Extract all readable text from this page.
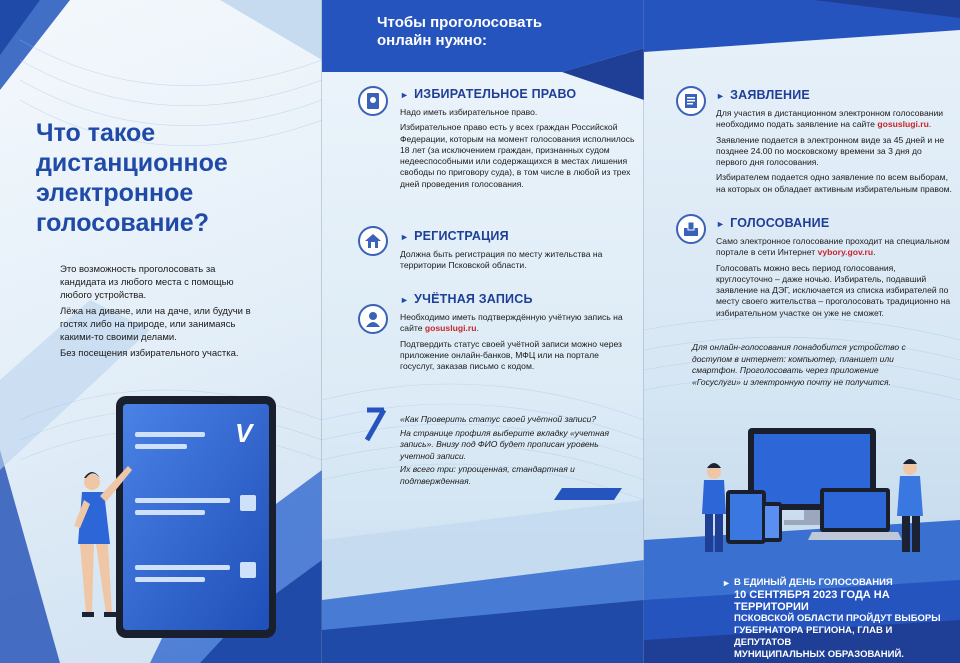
Что такое
дистанционное
электронное
голосование?

Это возможность проголосовать за кандидата из любого места с помощью любого устройства.

Лёжа на диване, или на даче, или будучи в гостях либо на природе, или занимаясь какими-то своими делами.

Без посещения избирательного участка.

V
Чтобы проголосовать
онлайн нужно:
► ИЗБИРАТЕЛЬНОЕ ПРАВО

Надо иметь избирательное право.

Избирательное право есть у всех граждан Российской Федерации, которым на момент голосования исполнилось 18 лет (за исключением граждан, признанных судом недееспособными или содержащихся в местах лишения свободы по приговору суда), в том числе в любой из трех дней проведения голосования.

► РЕГИСТРАЦИЯ

Должна быть регистрация по месту жительства на территории Псковской области.

► УЧЁТНАЯ ЗАПИСЬ

Необходимо иметь подтверждённую учётную запись на сайте gosuslugi.ru.

Подтвердить статус своей учётной записи можно через приложение онлайн-банков, МФЦ или на портале госуслуг, заказав письмо с кодом.

«Как Проверить статус своей учётной записи?

На странице профиля выберите вкладку «учетная запись». Внизу под ФИО будет прописан уровень учетной записи.

Их всего три: упрощенная, стандартная и подтвержденная.

► ЗАЯВЛЕНИЕ

Для участия в дистанционном электронном голосовании необходимо подать заявление на сайте gosuslugi.ru.

Заявление подается в электронном виде за 45 дней и не позднее 24.00 по московскому времени за 3 дня до первого дня голосования.

Избирателем подается одно заявление по всем выборам, на которых он обладает активным избирательным правом.

► ГОЛОСОВАНИЕ

Само электронное голосование проходит на специальном портале в сети Интернет vybory.gov.ru.

Голосовать можно весь период голосования, круглосуточно – даже ночью. Избиратель, подавший заявление на ДЭГ, исключается из списка избирателей по месту своего жительства – проголосовать традиционно на избирательном участке он уже не сможет.

Для онлайн-голосования понадобится устройство с доступом в интернет: компьютер, планшет или смартфон. Проголосовать через приложение «Госуслуги» и электронную почту не получится.

► В ЕДИНЫЙ ДЕНЬ ГОЛОСОВАНИЯ
10 СЕНТЯБРЯ 2023 ГОДА НА ТЕРРИТОРИИ
ПСКОВСКОЙ ОБЛАСТИ ПРОЙДУТ ВЫБОРЫ
ГУБЕРНАТОРА РЕГИОНА, ГЛАВ И ДЕПУТАТОВ
МУНИЦИПАЛЬНЫХ ОБРАЗОВАНИЙ.
